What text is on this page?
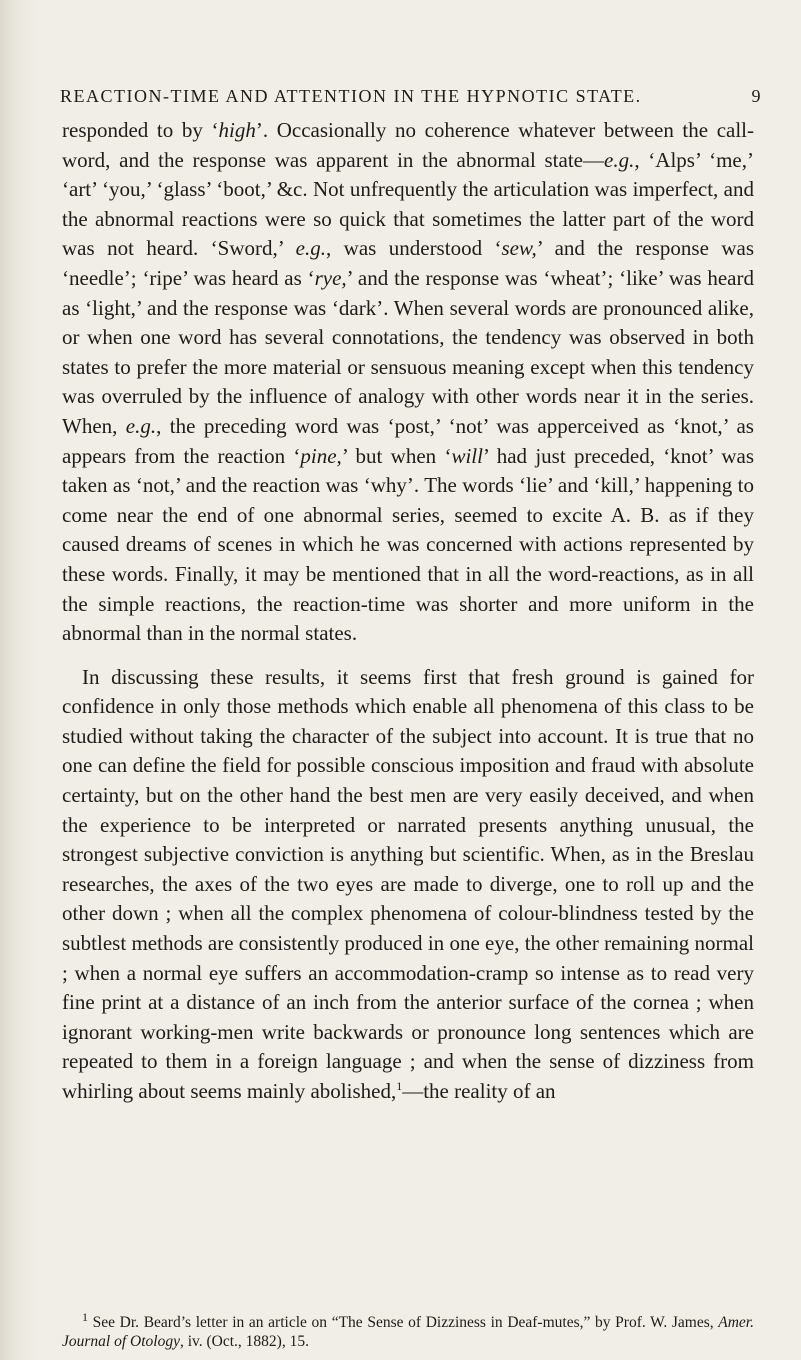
REACTION-TIME AND ATTENTION IN THE HYPNOTIC STATE.	9

responded to by ‘high’. Occasionally no coherence whatever between the call-word, and the response was apparent in the abnormal state—e.g., ‘Alps’ ‘me,’ ‘art’ ‘you,’ ‘glass’ ‘boot,’ &c. Not unfrequently the articulation was imperfect, and the abnormal reactions were so quick that sometimes the latter part of the word was not heard. ‘Sword,’ e.g., was understood ‘sew,’ and the response was ‘needle’; ‘ripe’ was heard as ‘rye,’ and the response was ‘wheat’; ‘like’ was heard as ‘light,’ and the response was ‘dark’. When several words are pronounced alike, or when one word has several connotations, the tendency was observed in both states to prefer the more material or sensuous meaning except when this tendency was overruled by the influence of analogy with other words near it in the series. When, e.g., the preceding word was ‘post,’ ‘not’ was apperceived as ‘knot,’ as appears from the reaction ‘pine,’ but when ‘will’ had just preceded, ‘knot’ was taken as ‘not,’ and the reaction was ‘why’. The words ‘lie’ and ‘kill,’ happening to come near the end of one abnormal series, seemed to excite A. B. as if they caused dreams of scenes in which he was concerned with actions represented by these words. Finally, it may be mentioned that in all the word-reactions, as in all the simple reactions, the reaction-time was shorter and more uniform in the abnormal than in the normal states.

In discussing these results, it seems first that fresh ground is gained for confidence in only those methods which enable all phenomena of this class to be studied without taking the character of the subject into account. It is true that no one can define the field for possible conscious imposition and fraud with absolute certainty, but on the other hand the best men are very easily deceived, and when the experience to be interpreted or narrated presents anything unusual, the strongest subjective conviction is anything but scientific. When, as in the Breslau researches, the axes of the two eyes are made to diverge, one to roll up and the other down ; when all the complex phenomena of colour-blindness tested by the subtlest methods are consistently produced in one eye, the other remaining normal ; when a normal eye suffers an accommodation-cramp so intense as to read very fine print at a distance of an inch from the anterior surface of the cornea ; when ignorant working-men write backwards or pronounce long sentences which are repeated to them in a foreign language ; and when the sense of dizziness from whirling about seems mainly abolished,$^1$—the reality of an

$^1$ See Dr. Beard’s letter in an article on “The Sense of Dizziness in Deaf-mutes,” by Prof. W. James, Amer. Journal of Otology, iv. (Oct., 1882), 15.
